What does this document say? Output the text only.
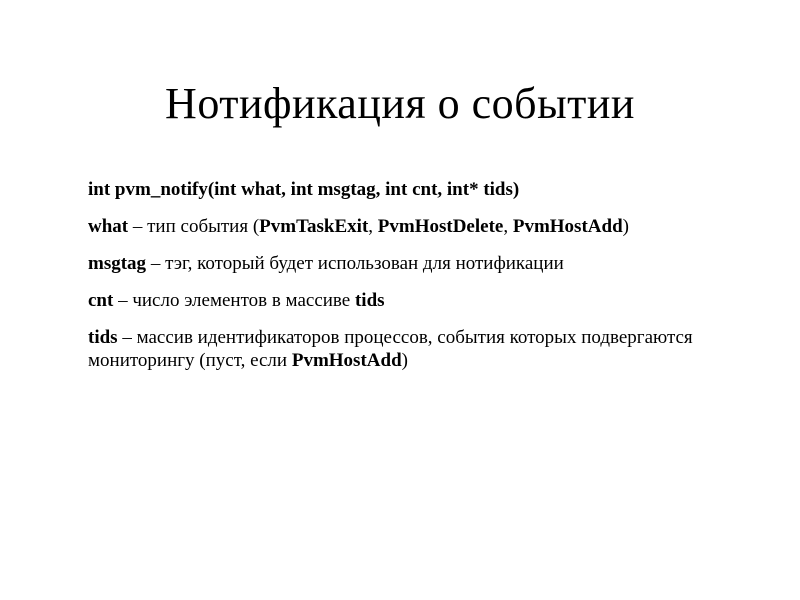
Нотификация о событии

int pvm_notify(int what, int msgtag, int cnt, int* tids)

what – тип события (PvmTaskExit, PvmHostDelete, PvmHostAdd)

msgtag – тэг, который будет использован для нотификации

cnt – число элементов в массиве tids

tids – массив идентификаторов процессов, события которых подвергаются мониторингу (пуст, если PvmHostAdd)
